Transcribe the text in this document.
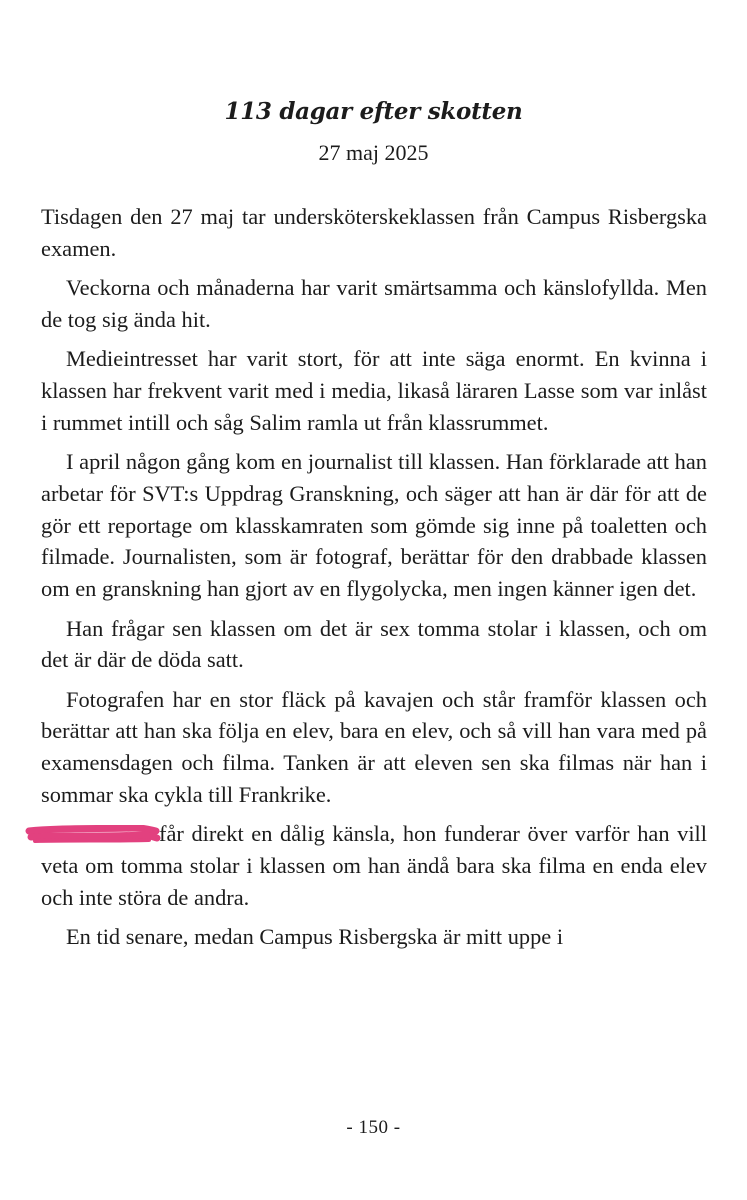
113 dagar efter skotten
27 maj 2025

Tisdagen den 27 maj tar undersköterskeklassen från Campus Risbergska examen.

Veckorna och månaderna har varit smärtsamma och känslofyllda. Men de tog sig ända hit.

Medieintresset har varit stort, för att inte säga enormt. En kvinna i klassen har frekvent varit med i media, likaså läraren Lasse som var inlåst i rummet intill och såg Salim ramla ut från klassrummet.

I april någon gång kom en journalist till klassen. Han förklarade att han arbetar för SVT:s Uppdrag Granskning, och säger att han är där för att de gör ett reportage om klasskamraten som gömde sig inne på toaletten och filmade. Journalisten, som är fotograf, berättar för den drabbade klassen om en granskning han gjort av en flygolycka, men ingen känner igen det.

Han frågar sen klassen om det är sex tomma stolar i klassen, och om det är där de döda satt.

Fotografen har en stor fläck på kavajen och står framför klassen och berättar att han ska följa en elev, bara en elev, och så vill han vara med på examensdagen och filma. Tanken är att eleven sen ska filmas när han i sommar ska cykla till Frankrike.

får direkt en dålig känsla, hon funderar över varför han vill veta om tomma stolar i klassen om han ändå bara ska filma en enda elev och inte störa de andra.

En tid senare, medan Campus Risbergska är mitt uppe i

- 150 -
